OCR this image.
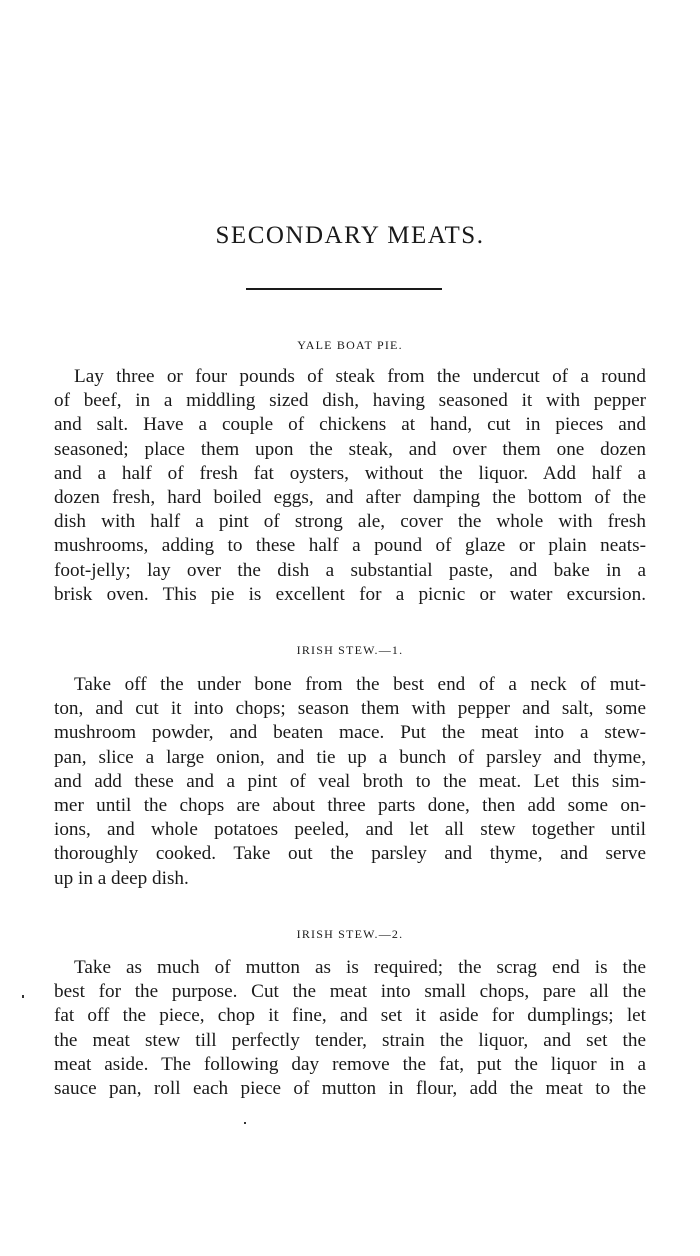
SECONDARY MEATS.
YALE BOAT PIE.
Lay three or four pounds of steak from the undercut of a round
of beef, in a middling sized dish, having seasoned it with pepper
and salt. Have a couple of chickens at hand, cut in pieces and
seasoned; place them upon the steak, and over them one dozen
and a half of fresh fat oysters, without the liquor. Add half a
dozen fresh, hard boiled eggs, and after damping the bottom of the
dish with half a pint of strong ale, cover the whole with fresh
mushrooms, adding to these half a pound of glaze or plain neats-
foot-jelly; lay over the dish a substantial paste, and bake in a
brisk oven. This pie is excellent for a picnic or water excursion.
IRISH STEW.—1.
Take off the under bone from the best end of a neck of mut-
ton, and cut it into chops; season them with pepper and salt, some
mushroom powder, and beaten mace. Put the meat into a stew-
pan, slice a large onion, and tie up a bunch of parsley and thyme,
and add these and a pint of veal broth to the meat. Let this sim-
mer until the chops are about three parts done, then add some on-
ions, and whole potatoes peeled, and let all stew together until
thoroughly cooked. Take out the parsley and thyme, and serve
up in a deep dish.
IRISH STEW.—2.
Take as much of mutton as is required; the scrag end is the
best for the purpose. Cut the meat into small chops, pare all the
fat off the piece, chop it fine, and set it aside for dumplings; let
the meat stew till perfectly tender, strain the liquor, and set the
meat aside. The following day remove the fat, put the liquor in a
sauce pan, roll each piece of mutton in flour, add the meat to the
